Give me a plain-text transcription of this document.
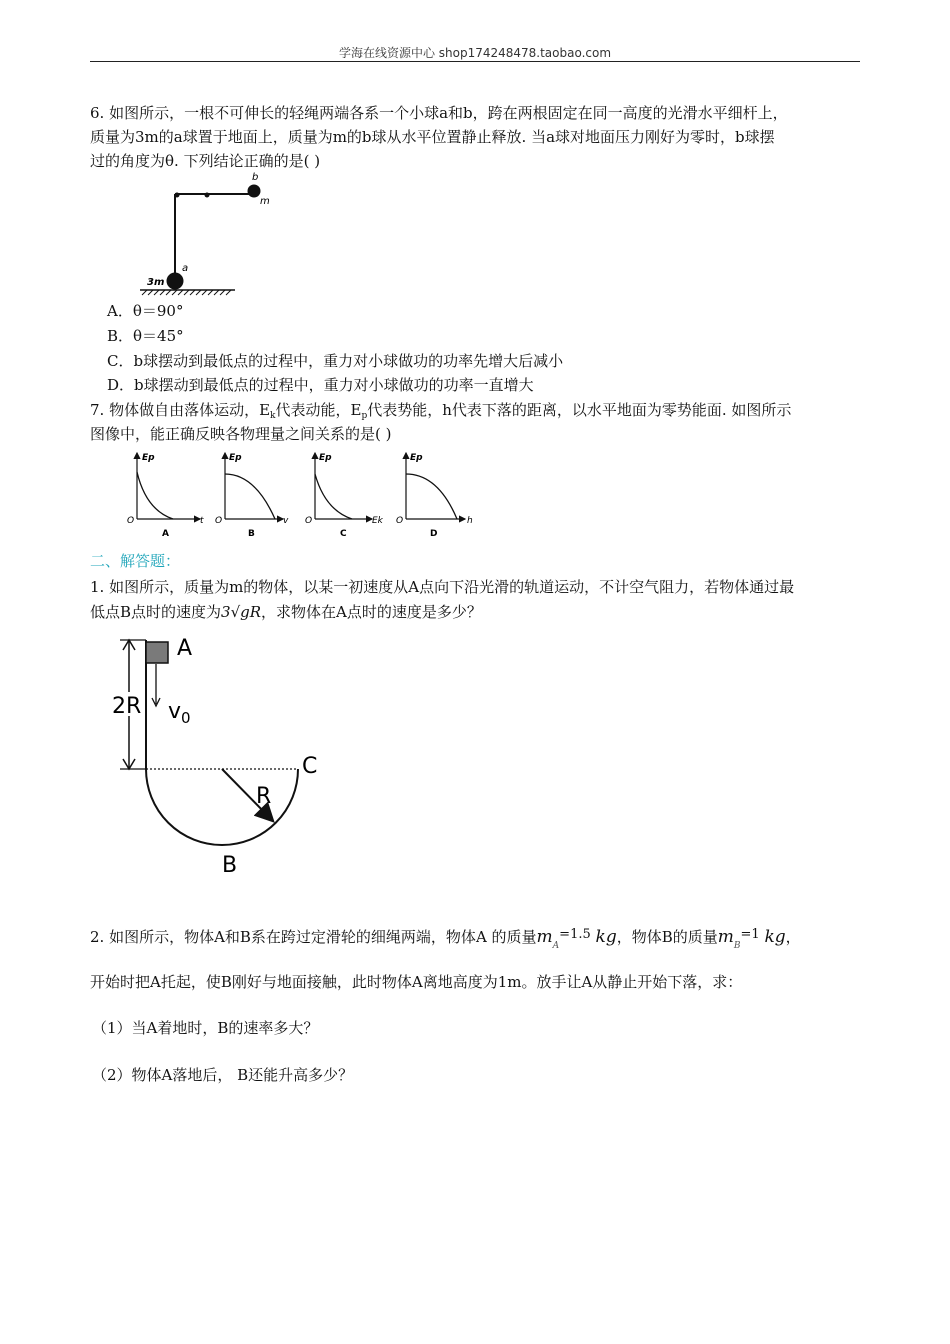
学海在线资源中心 shop174248478.taobao.com
6. 如图所示，一根不可伸长的轻绳两端各系一个小球a和b，跨在两根固定在同一高度的光滑水平细杆上，
质量为3m的a球置于地面上，质量为m的b球从水平位置静止释放. 当a球对地面压力刚好为零时，b球摆
过的角度为θ. 下列结论正确的是( )
b
m
a
3m
A．θ＝90°
B．θ＝45°
C．b球摆动到最低点的过程中，重力对小球做功的功率先增大后减小
D．b球摆动到最低点的过程中，重力对小球做功的功率一直增大
7. 物体做自由落体运动，$E_k$代表动能，$E_p$代表势能，h代表下落的距离，以水平地面为零势能面. 如图所示
图像中，能正确反映各物理量之间关系的是( )
Ep
O	t
A
Ep
O	v
B
Ep
O	Ek
C
Ep
O	h
D
二、解答题：
1. 如图所示，质量为m的物体，以某一初速度从A点向下沿光滑的轨道运动，不计空气阻力，若物体通过最
低点B点时的速度为3√gR，求物体在A点时的速度是多少？
2R
A
$v_0$
R
C
B
2. 如图所示，物体A和B系在跨过定滑轮的细绳两端，物体A 的质量$m_A=1.5$ kg，物体B的质量$m_B=1$ kg，
开始时把A托起，使B刚好与地面接触，此时物体A离地高度为1m。放手让A从静止开始下落，求：
（1）当A着地时，B的速率多大？
（2）物体A落地后， B还能升高多少？
